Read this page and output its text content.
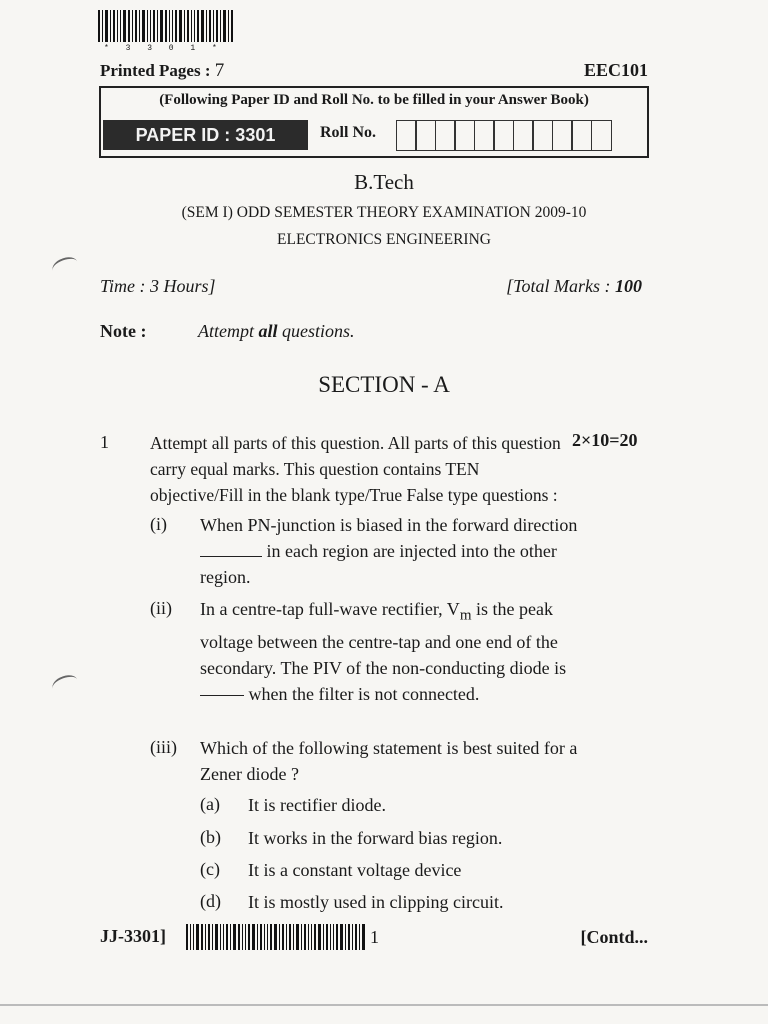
* 3 3 0 1 *
Printed Pages : 7	EEC101
(Following Paper ID and Roll No. to be filled in your Answer Book)
PAPER ID : 3301	Roll No.
B.Tech
(SEM I) ODD SEMESTER THEORY EXAMINATION 2009-10
ELECTRONICS ENGINEERING
Time : 3 Hours]	[Total Marks : 100
Note :	Attempt all questions.
SECTION - A
1 Attempt all parts of this question. All parts of this question carry equal marks. This question contains TEN objective/Fill in the blank type/True False type questions :
2×10=20
(i) When PN-junction is biased in the forward direction  in each region are injected into the other region.
(ii) In a centre-tap full-wave rectifier, $V_m$ is the peak voltage between the centre-tap and one end of the secondary. The PIV of the non-conducting diode is  when the filter is not connected.
(iii) Which of the following statement is best suited for a Zener diode ?
(a) It is rectifier diode.
(b) It works in the forward bias region.
(c) It is a constant voltage device
(d) It is mostly used in clipping circuit.
JJ-3301]	1	[Contd...
